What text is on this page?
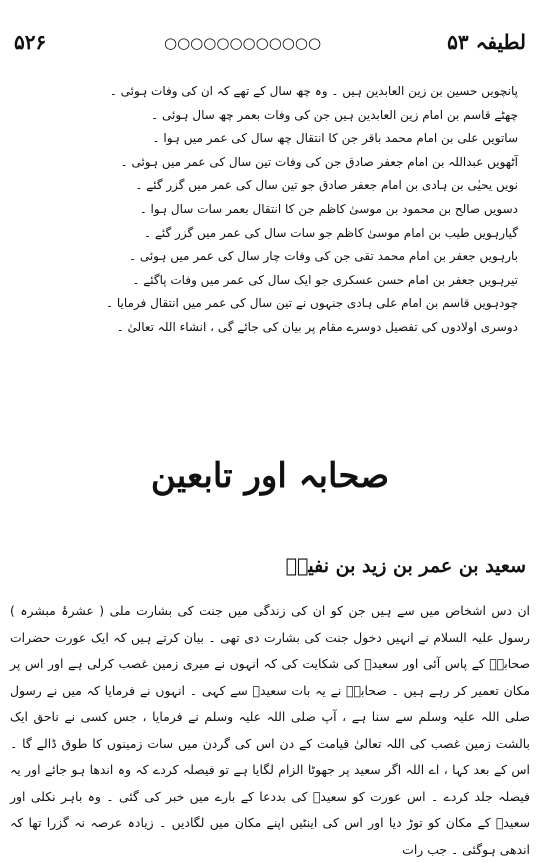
۵۲۶	○○○○○○○○○○○○	لطیفہ ۵۳
پانچویں حسین بن زین العابدین ہیں ۔ وہ چھ سال کے تھے کہ ان کی وفات ہوئی ۔
چھٹے قاسم بن امام زین العابدین ہیں جن کی وفات بعمر چھ سال ہوئی ۔
ساتویں علی بن امام محمد باقر جن کا انتقال چھ سال کی عمر میں ہوا ۔
آٹھویں عبداللہ بن امام جعفر صادق جن کی وفات تین سال کی عمر میں ہوئی ۔
نویں یحیٰی بن ہادی بن امام جعفر صادق جو تین سال کی عمر میں گزر گئے ۔
دسویں صالح بن محمود بن موسیٰ کاظم جن کا انتقال بعمر سات سال ہوا ۔
گیارہویں طیب بن امام موسیٰ کاظم جو سات سال کی عمر میں گزر گئے ۔
بارہویں جعفر بن امام محمد تقی جن کی وفات چار سال کی عمر میں ہوئی ۔
تیرہویں جعفر بن امام حسن عسکری جو ایک سال کی عمر میں وفات پاگئے ۔
چودہویں قاسم بن امام علی ہادی جنہوں نے تین سال کی عمر میں انتقال فرمایا ۔
دوسری اولادوں کی تفصیل دوسرے مقام پر بیان کی جائے گی ، انشاء اللہ تعالیٰ ۔
صحابہ اور تابعین
سعید بن عمر بن زید بن نفیلؓ
ان دس اشخاص میں سے ہیں جن کو ان کی زندگی میں جنت کی بشارت ملی ( عشرۂ مبشرہ ) رسول علیہ السلام نے انہیں دخول جنت کی بشارت دی تھی ۔ بیان کرتے ہیں کہ ایک عورت حضرات صحابہؓ کے پاس آئی اور سعیدؓ کی شکایت کی کہ انہوں نے میری زمین غصب کرلی ہے اور اس پر مکان تعمیر کر رہے ہیں ۔ صحابہؓ نے یہ بات سعیدؓ سے کہی ۔ انہوں نے فرمایا کہ میں نے رسول صلی اللہ علیہ وسلم سے سنا ہے ، آپ صلی اللہ علیہ وسلم نے فرمایا ، جس کسی نے ناحق ایک بالشت زمین غصب کی اللہ تعالیٰ قیامت کے دن اس کی گردن میں سات زمینوں کا طوق ڈالے گا ۔ اس کے بعد کہا ، اے اللہ اگر سعید پر جھوٹا الزام لگایا ہے تو فیصلہ کردے کہ وہ اندھا ہو جائے اور یہ فیصلہ جلد کردے ۔ اس عورت کو سعیدؓ کی بددعا کے بارے میں خبر کی گئی ۔ وہ باہر نکلی اور سعیدؓ کے مکان کو توڑ دیا اور اس کی اینٹیں اپنے مکان میں لگادیں ۔ زیادہ عرصہ نہ گزرا تھا کہ اندھی ہوگئی ۔ جب رات
